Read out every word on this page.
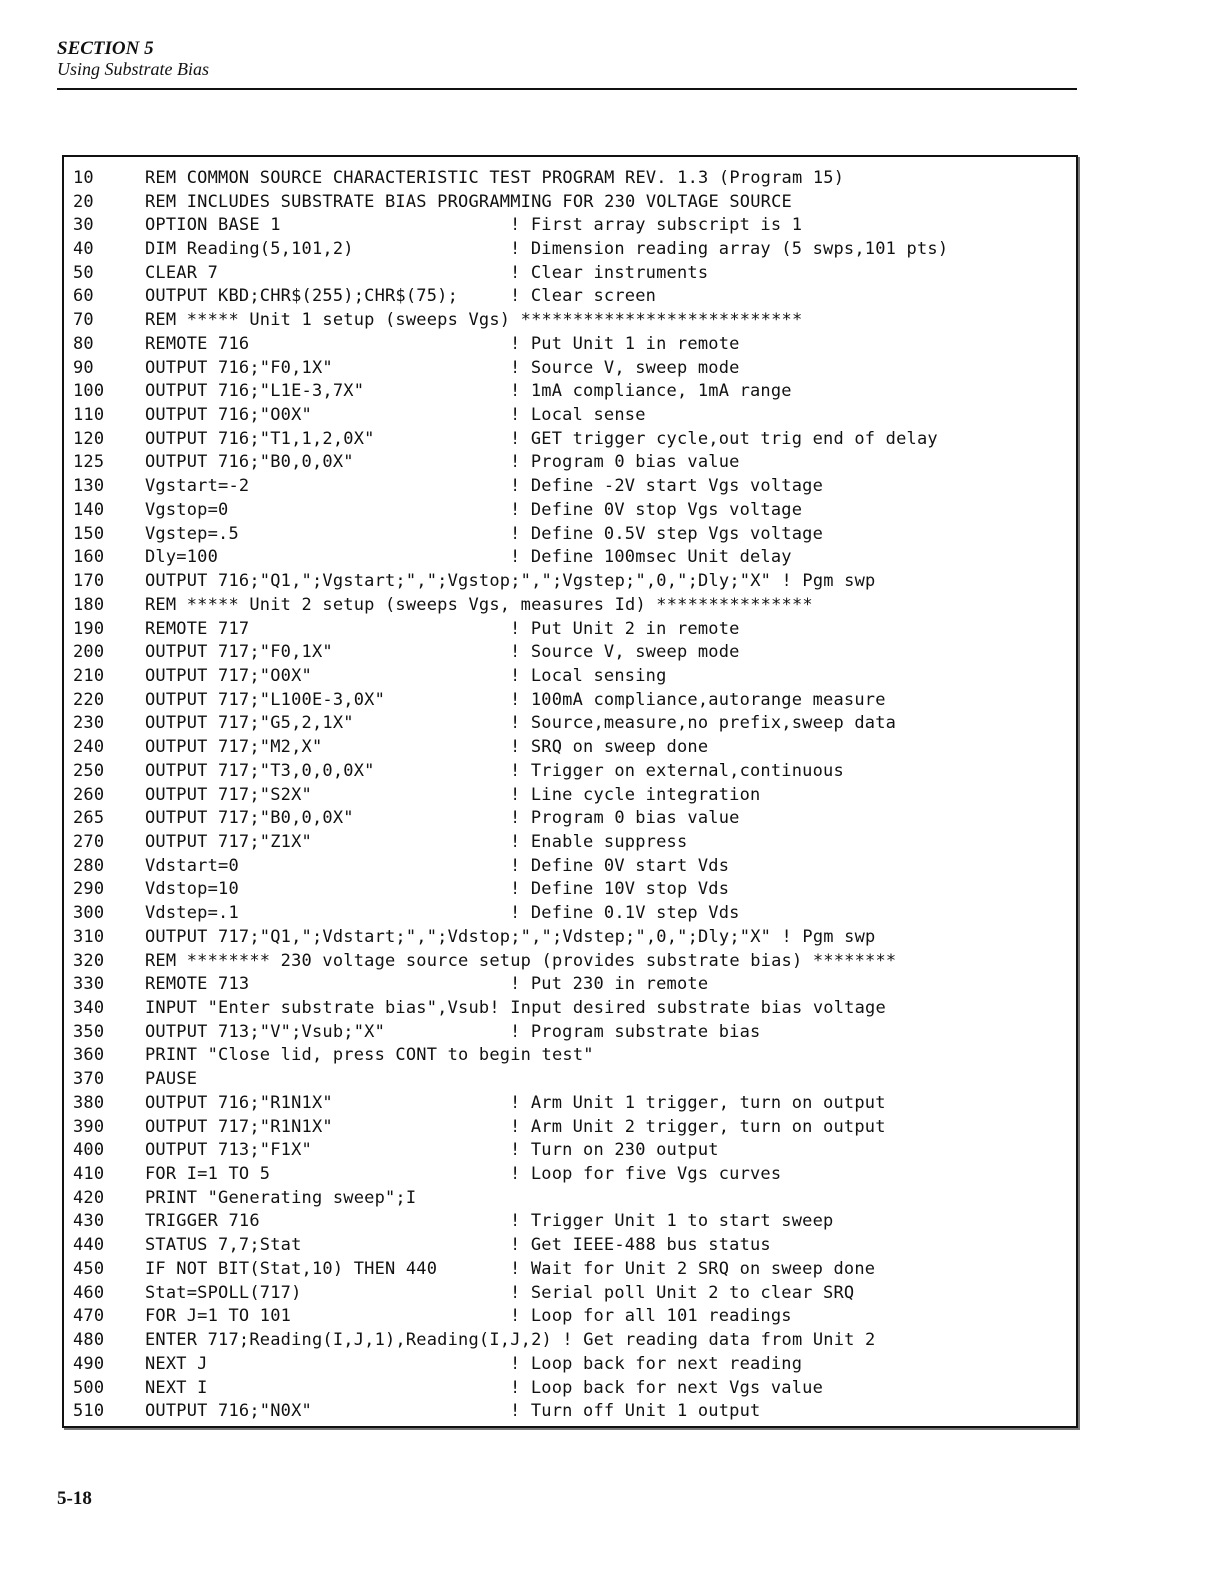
SECTION 5
Using Substrate Bias
10	REM COMMON SOURCE CHARACTERISTIC TEST PROGRAM REV. 1.3 (Program 15)
20	REM INCLUDES SUBSTRATE BIAS PROGRAMMING FOR 230 VOLTAGE SOURCE
30	OPTION BASE 1	! First array subscript is 1
40	DIM Reading(5,101,2)	! Dimension reading array (5 swps,101 pts)
50	CLEAR 7	! Clear instruments
60	OUTPUT KBD;CHR$(255);CHR$(75);	! Clear screen
70	REM ***** Unit 1 setup (sweeps Vgs) ***************************
80	REMOTE 716	! Put Unit 1 in remote
90	OUTPUT 716;"F0,1X"	! Source V, sweep mode
100	OUTPUT 716;"L1E-3,7X"	! 1mA compliance, 1mA range
110	OUTPUT 716;"O0X"	! Local sense
120	OUTPUT 716;"T1,1,2,0X"	! GET trigger cycle,out trig end of delay
125	OUTPUT 716;"B0,0,0X"	! Program 0 bias value
130	Vgstart=-2	! Define -2V start Vgs voltage
140	Vgstop=0	! Define 0V stop Vgs voltage
150	Vgstep=.5	! Define 0.5V step Vgs voltage
160	Dly=100	! Define 100msec Unit delay
170	OUTPUT 716;"Q1,";Vgstart;",";Vgstop;",";Vgstep;",0,";Dly;"X" ! Pgm swp
180	REM ***** Unit 2 setup (sweeps Vgs, measures Id) ***************
190	REMOTE 717	! Put Unit 2 in remote
200	OUTPUT 717;"F0,1X"	! Source V, sweep mode
210	OUTPUT 717;"O0X"	! Local sensing
220	OUTPUT 717;"L100E-3,0X"	! 100mA compliance,autorange measure
230	OUTPUT 717;"G5,2,1X"	! Source,measure,no prefix,sweep data
240	OUTPUT 717;"M2,X"	! SRQ on sweep done
250	OUTPUT 717;"T3,0,0,0X"	! Trigger on external,continuous
260	OUTPUT 717;"S2X"	! Line cycle integration
265	OUTPUT 717;"B0,0,0X"	! Program 0 bias value
270	OUTPUT 717;"Z1X"	! Enable suppress
280	Vdstart=0	! Define 0V start Vds
290	Vdstop=10	! Define 10V stop Vds
300	Vdstep=.1	! Define 0.1V step Vds
310	OUTPUT 717;"Q1,";Vdstart;",";Vdstop;",";Vdstep;",0,";Dly;"X" ! Pgm swp
320	REM ******** 230 voltage source setup (provides substrate bias) ********
330	REMOTE 713	! Put 230 in remote
340	INPUT "Enter substrate bias",Vsub! Input desired substrate bias voltage
350	OUTPUT 713;"V";Vsub;"X"	! Program substrate bias
360	PRINT "Close lid, press CONT to begin test"
370	PAUSE
380	OUTPUT 716;"R1N1X"	! Arm Unit 1 trigger, turn on output
390	OUTPUT 717;"R1N1X"	! Arm Unit 2 trigger, turn on output
400	OUTPUT 713;"F1X"	! Turn on 230 output
410	FOR I=1 TO 5	! Loop for five Vgs curves
420	PRINT "Generating sweep";I
430	TRIGGER 716	! Trigger Unit 1 to start sweep
440	STATUS 7,7;Stat	! Get IEEE-488 bus status
450	IF NOT BIT(Stat,10) THEN 440	! Wait for Unit 2 SRQ on sweep done
460	Stat=SPOLL(717)	! Serial poll Unit 2 to clear SRQ
470	FOR J=1 TO 101	! Loop for all 101 readings
480	ENTER 717;Reading(I,J,1),Reading(I,J,2) ! Get reading data from Unit 2
490	NEXT J	! Loop back for next reading
500	NEXT I	! Loop back for next Vgs value
510	OUTPUT 716;"N0X"	! Turn off Unit 1 output
5-18
